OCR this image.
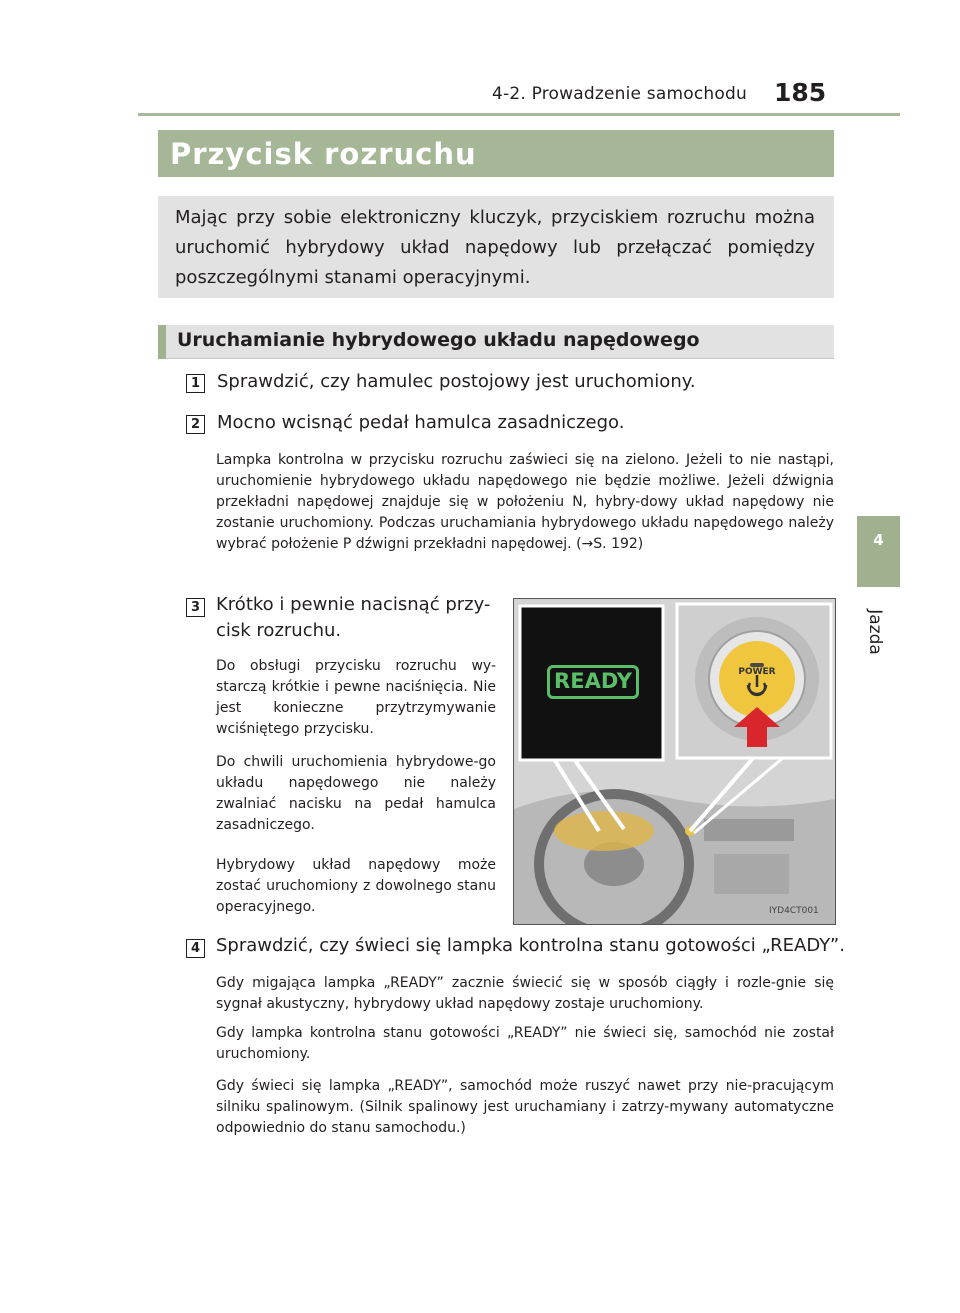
4-2. Prowadzenie samochodu 185
4
Jazda
Przycisk rozruchu
Mając przy sobie elektroniczny kluczyk, przyciskiem rozruchu można uruchomić hybrydowy układ napędowy lub przełączać pomiędzy poszczególnymi stanami operacyjnymi.
Uruchamianie hybrydowego układu napędowego
1 Sprawdzić, czy hamulec postojowy jest uruchomiony.
2 Mocno wcisnąć pedał hamulca zasadniczego.
Lampka kontrolna w przycisku rozruchu zaświeci się na zielono. Jeżeli to nie nastąpi, uruchomienie hybrydowego układu napędowego nie będzie możliwe. Jeżeli dźwignia przekładni napędowej znajduje się w położeniu N, hybry-dowy układ napędowy nie zostanie uruchomiony. Podczas uruchamiania hybrydowego układu napędowego należy wybrać położenie P dźwigni przekładni napędowej. (→S. 192)
3 Krótko i pewnie nacisnąć przy-
cisk rozruchu.
Do obsługi przycisku rozruchu wy-starczą krótkie i pewne naciśnięcia. Nie jest konieczne przytrzymywanie wciśniętego przycisku.
Do chwili uruchomienia hybrydowe-go układu napędowego nie należy zwalniać nacisku na pedał hamulca zasadniczego.
Hybrydowy układ napędowy może zostać uruchomiony z dowolnego stanu operacyjnego.
READY	POWER
IYD4CT001
4 Sprawdzić, czy świeci się lampka kontrolna stanu gotowości „READY”.
Gdy migająca lampka „READY” zacznie świecić się w sposób ciągły i rozle-gnie się sygnał akustyczny, hybrydowy układ napędowy zostaje uruchomiony.
Gdy lampka kontrolna stanu gotowości „READY” nie świeci się, samochód nie został uruchomiony.
Gdy świeci się lampka „READY”, samochód może ruszyć nawet przy nie-pracującym silniku spalinowym. (Silnik spalinowy jest uruchamiany i zatrzy-mywany automatyczne odpowiednio do stanu samochodu.)
